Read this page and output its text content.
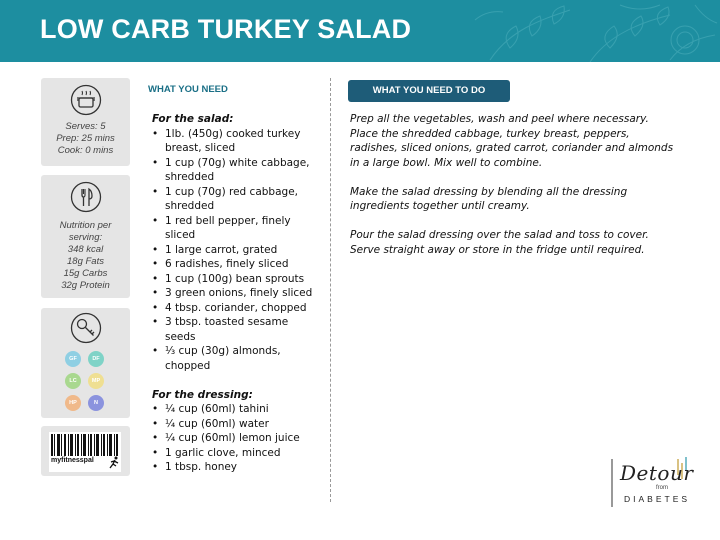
LOW CARB TURKEY SALAD
Serves: 5
Prep: 25 mins
Cook: 0 mins
Nutrition per
serving:
348 kcal
18g Fats
15g Carbs
32g Protein
GF	DF
LC	MP
HP	N
myfitnesspal
WHAT YOU NEED
For the salad:
• 1lb. (450g) cooked turkey breast, sliced
• 1 cup (70g) white cabbage, shredded
• 1 cup (70g) red cabbage, shredded
• 1 red bell pepper, finely sliced
• 1 large carrot, grated
• 6 radishes, finely sliced
• 1 cup (100g) bean sprouts
• 3 green onions, finely sliced
• 4 tbsp. coriander, chopped
• 3 tbsp. toasted sesame seeds
• ⅓ cup (30g) almonds, chopped
For the dressing:
• ¼ cup (60ml) tahini
• ¼ cup (60ml) water
• ¼ cup (60ml) lemon juice
• 1 garlic clove, minced
• 1 tbsp. honey
WHAT YOU NEED TO DO

Prep all the vegetables, wash and peel where necessary. Place the shredded cabbage, turkey breast, peppers, radishes, sliced onions, grated carrot, coriander and almonds in a large bowl. Mix well to combine.

Make the salad dressing by blending all the dressing ingredients together until creamy.

Pour the salad dressing over the salad and toss to cover. Serve straight away or store in the fridge until required.

Detour
from
DIABETES
